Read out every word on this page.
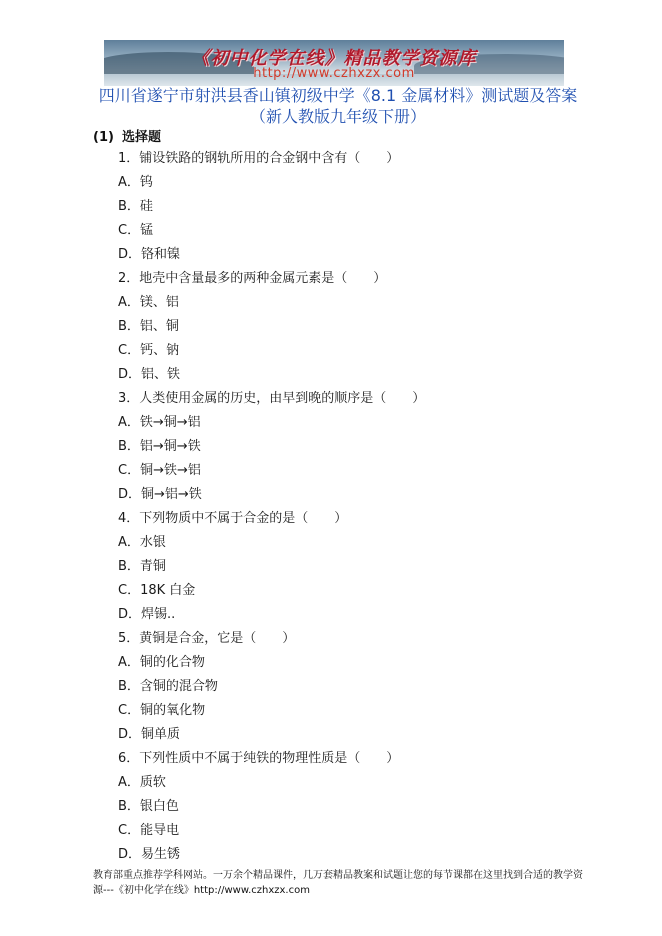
《初中化学在线》精品教学资源库
http://www.czhxzx.com
四川省遂宁市射洪县香山镇初级中学《8.1 金属材料》测试题及答案（新人教版九年级下册）
(1) 选择题
1．铺设铁路的钢轨所用的合金钢中含有（　　）
A．钨
B．硅
C．锰
D．铬和镍
2．地壳中含量最多的两种金属元素是（　　）
A．镁、铝
B．铝、铜
C．钙、钠
D．铝、铁
3．人类使用金属的历史，由早到晚的顺序是（　　）
A．铁→铜→铝
B．铝→铜→铁
C．铜→铁→铝
D．铜→铝→铁
4．下列物质中不属于合金的是（　　）
A．水银
B．青铜
C．18K 白金
D．焊锡..
5．黄铜是合金，它是（　　）
A．铜的化合物
B．含铜的混合物
C．铜的氧化物
D．铜单质
6．下列性质中不属于纯铁的物理性质是（　　）
A．质软
B．银白色
C．能导电
D．易生锈
教育部重点推荐学科网站。一万余个精品课件，几万套精品教案和试题让您的每节课都在这里找到合适的教学资源---《初中化学在线》http://www.czhxzx.com
